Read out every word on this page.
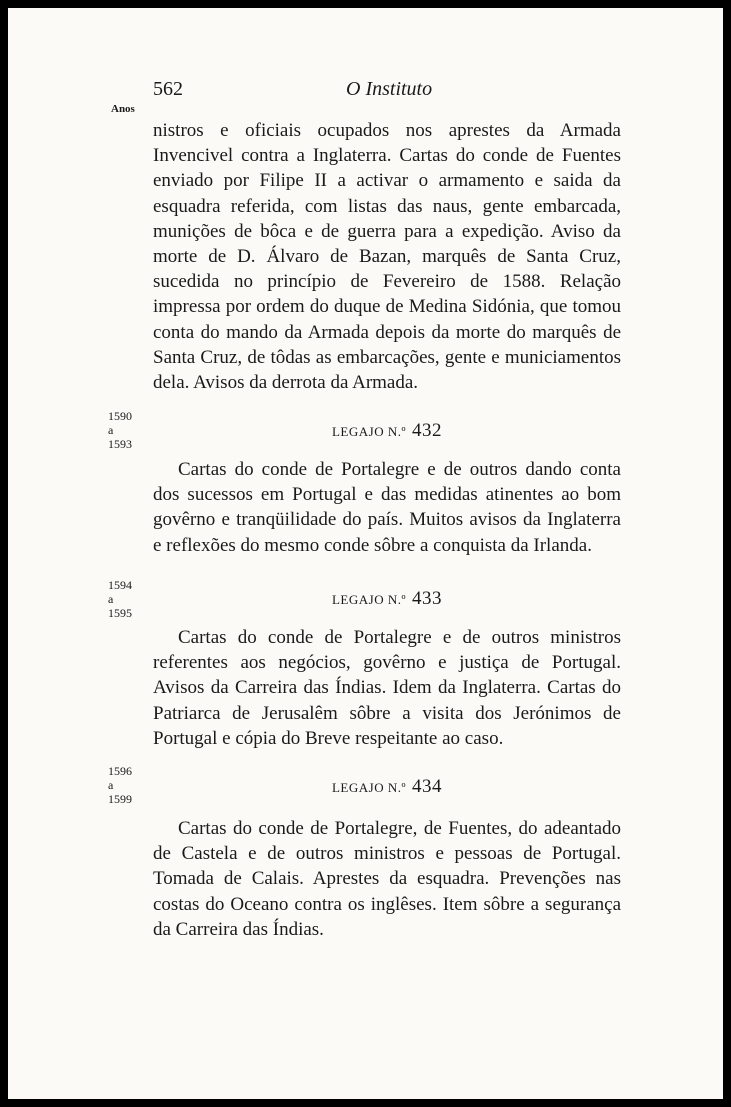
562	O Instituto
Anos

nistros e oficiais ocupados nos aprestes da Armada Invencivel contra a Inglaterra. Cartas do conde de Fuentes enviado por Filipe II a activar o armamento e saida da esquadra referida, com listas das naus, gente embarcada, munições de bôca e de guerra para a expedição. Aviso da morte de D. Álvaro de Bazan, marquês de Santa Cruz, sucedida no princípio de Fevereiro de 1588. Relação impressa por ordem do duque de Medina Sidónia, que tomou conta do mando da Armada depois da morte do marquês de Santa Cruz, de tôdas as embarcações, gente e municiamentos dela. Avisos da derrota da Armada.

1590
a
1593
LEGAJO N.º 432

Cartas do conde de Portalegre e de outros dando conta dos sucessos em Portugal e das medidas atinentes ao bom govêrno e tranqüilidade do país. Muitos avisos da Inglaterra e reflexões do mesmo conde sôbre a conquista da Irlanda.

1594
a
1595
LEGAJO N.º 433

Cartas do conde de Portalegre e de outros ministros referentes aos negócios, govêrno e justiça de Portugal. Avisos da Carreira das Índias. Idem da Inglaterra. Cartas do Patriarca de Jerusalêm sôbre a visita dos Jerónimos de Portugal e cópia do Breve respeitante ao caso.

1596
a
1599
LEGAJO N.º 434

Cartas do conde de Portalegre, de Fuentes, do adeantado de Castela e de outros ministros e pessoas de Portugal. Tomada de Calais. Aprestes da esquadra. Prevenções nas costas do Oceano contra os inglêses. Item sôbre a segurança da Carreira das Índias.
